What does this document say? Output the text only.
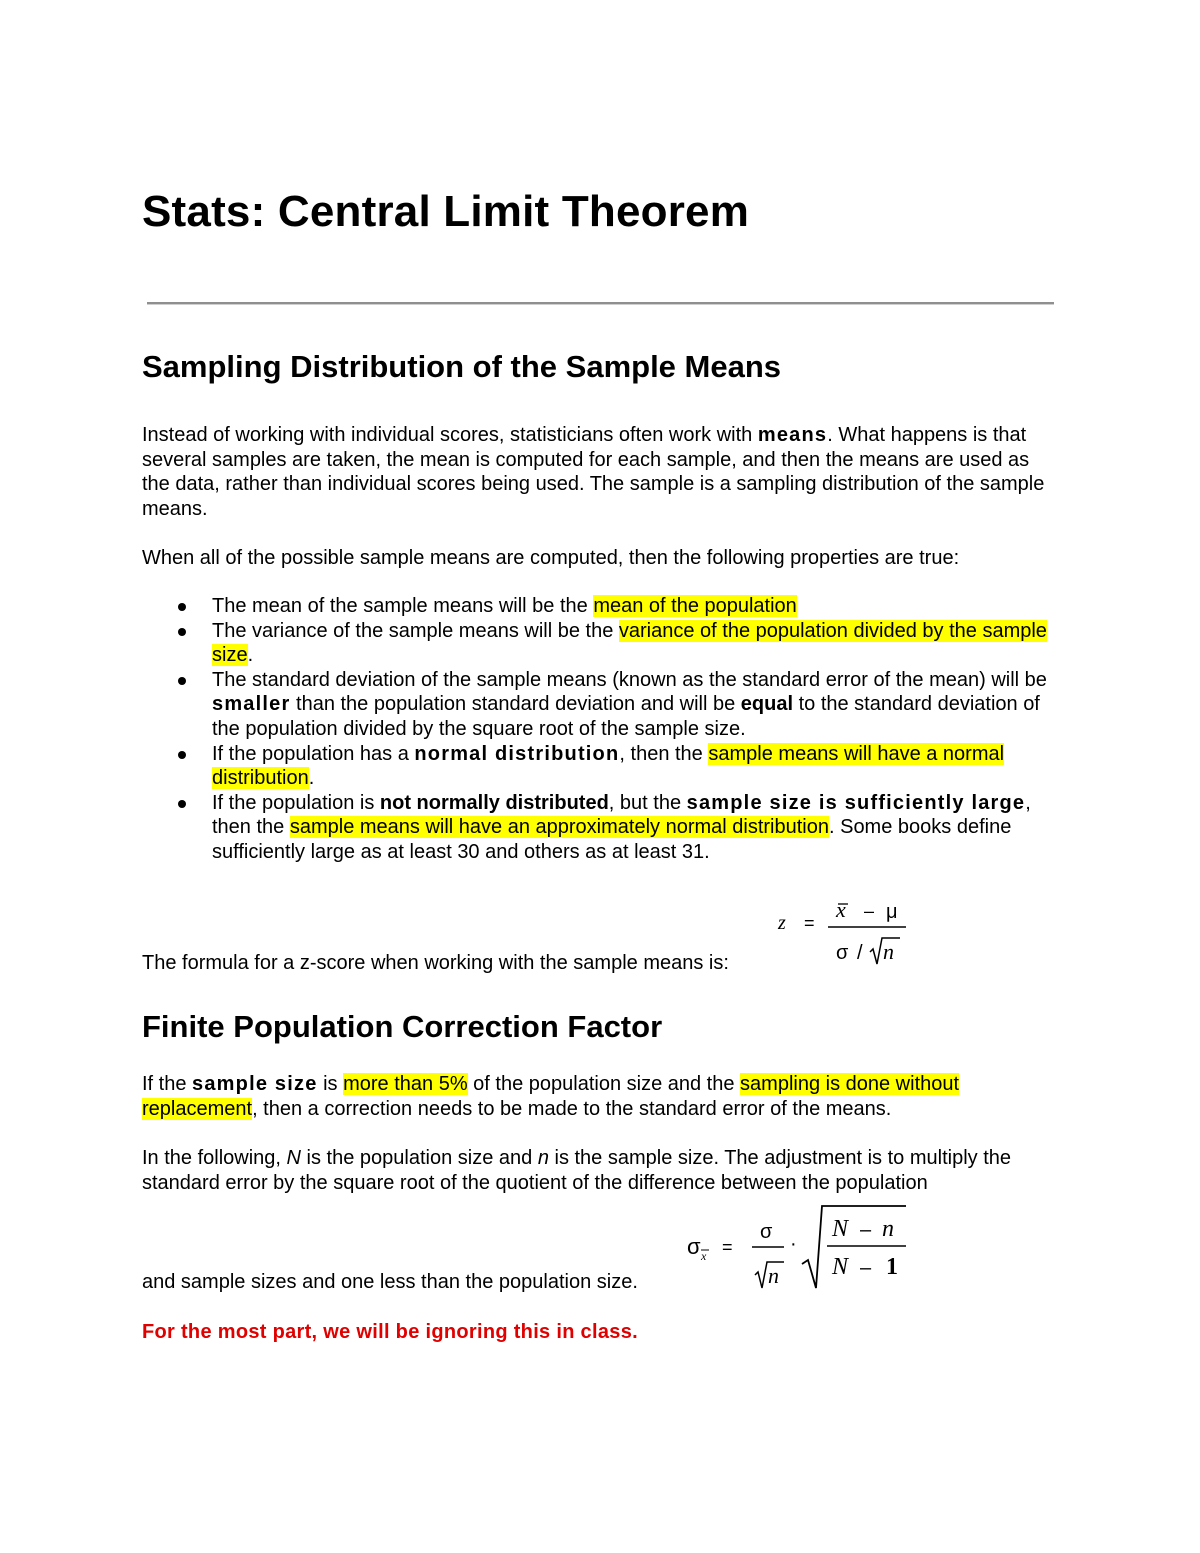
Stats: Central Limit Theorem
Sampling Distribution of the Sample Means

Instead of working with individual scores, statisticians often work with means. What happens is that several samples are taken, the mean is computed for each sample, and then the means are used as the data, rather than individual scores being used. The sample is a sampling distribution of the sample means.

When all of the possible sample means are computed, then the following properties are true:

The mean of the sample means will be the mean of the population
The variance of the sample means will be the variance of the population divided by the sample size.
The standard deviation of the sample means (known as the standard error of the mean) will be smaller than the population standard deviation and will be equal to the standard deviation of the population divided by the square root of the sample size.
If the population has a normal distribution, then the sample means will have a normal distribution.
If the population is not normally distributed, but the sample size is sufficiently large, then the sample means will have an approximately normal distribution. Some books define sufficiently large as at least 30 and others as at least 31.
z =
x – μ
σ / n

The formula for a z-score when working with the sample means is:

Finite Population Correction Factor

If the sample size is more than 5% of the population size and the sampling is done without replacement, then a correction needs to be made to the standard error of the means.

In the following, N is the population size and n is the sample size. The adjustment is to multiply the standard error by the square root of the quotient of the difference between the population

σ x =
σ
n
·
N – n
N – 1

and sample sizes and one less than the population size.

For the most part, we will be ignoring this in class.
